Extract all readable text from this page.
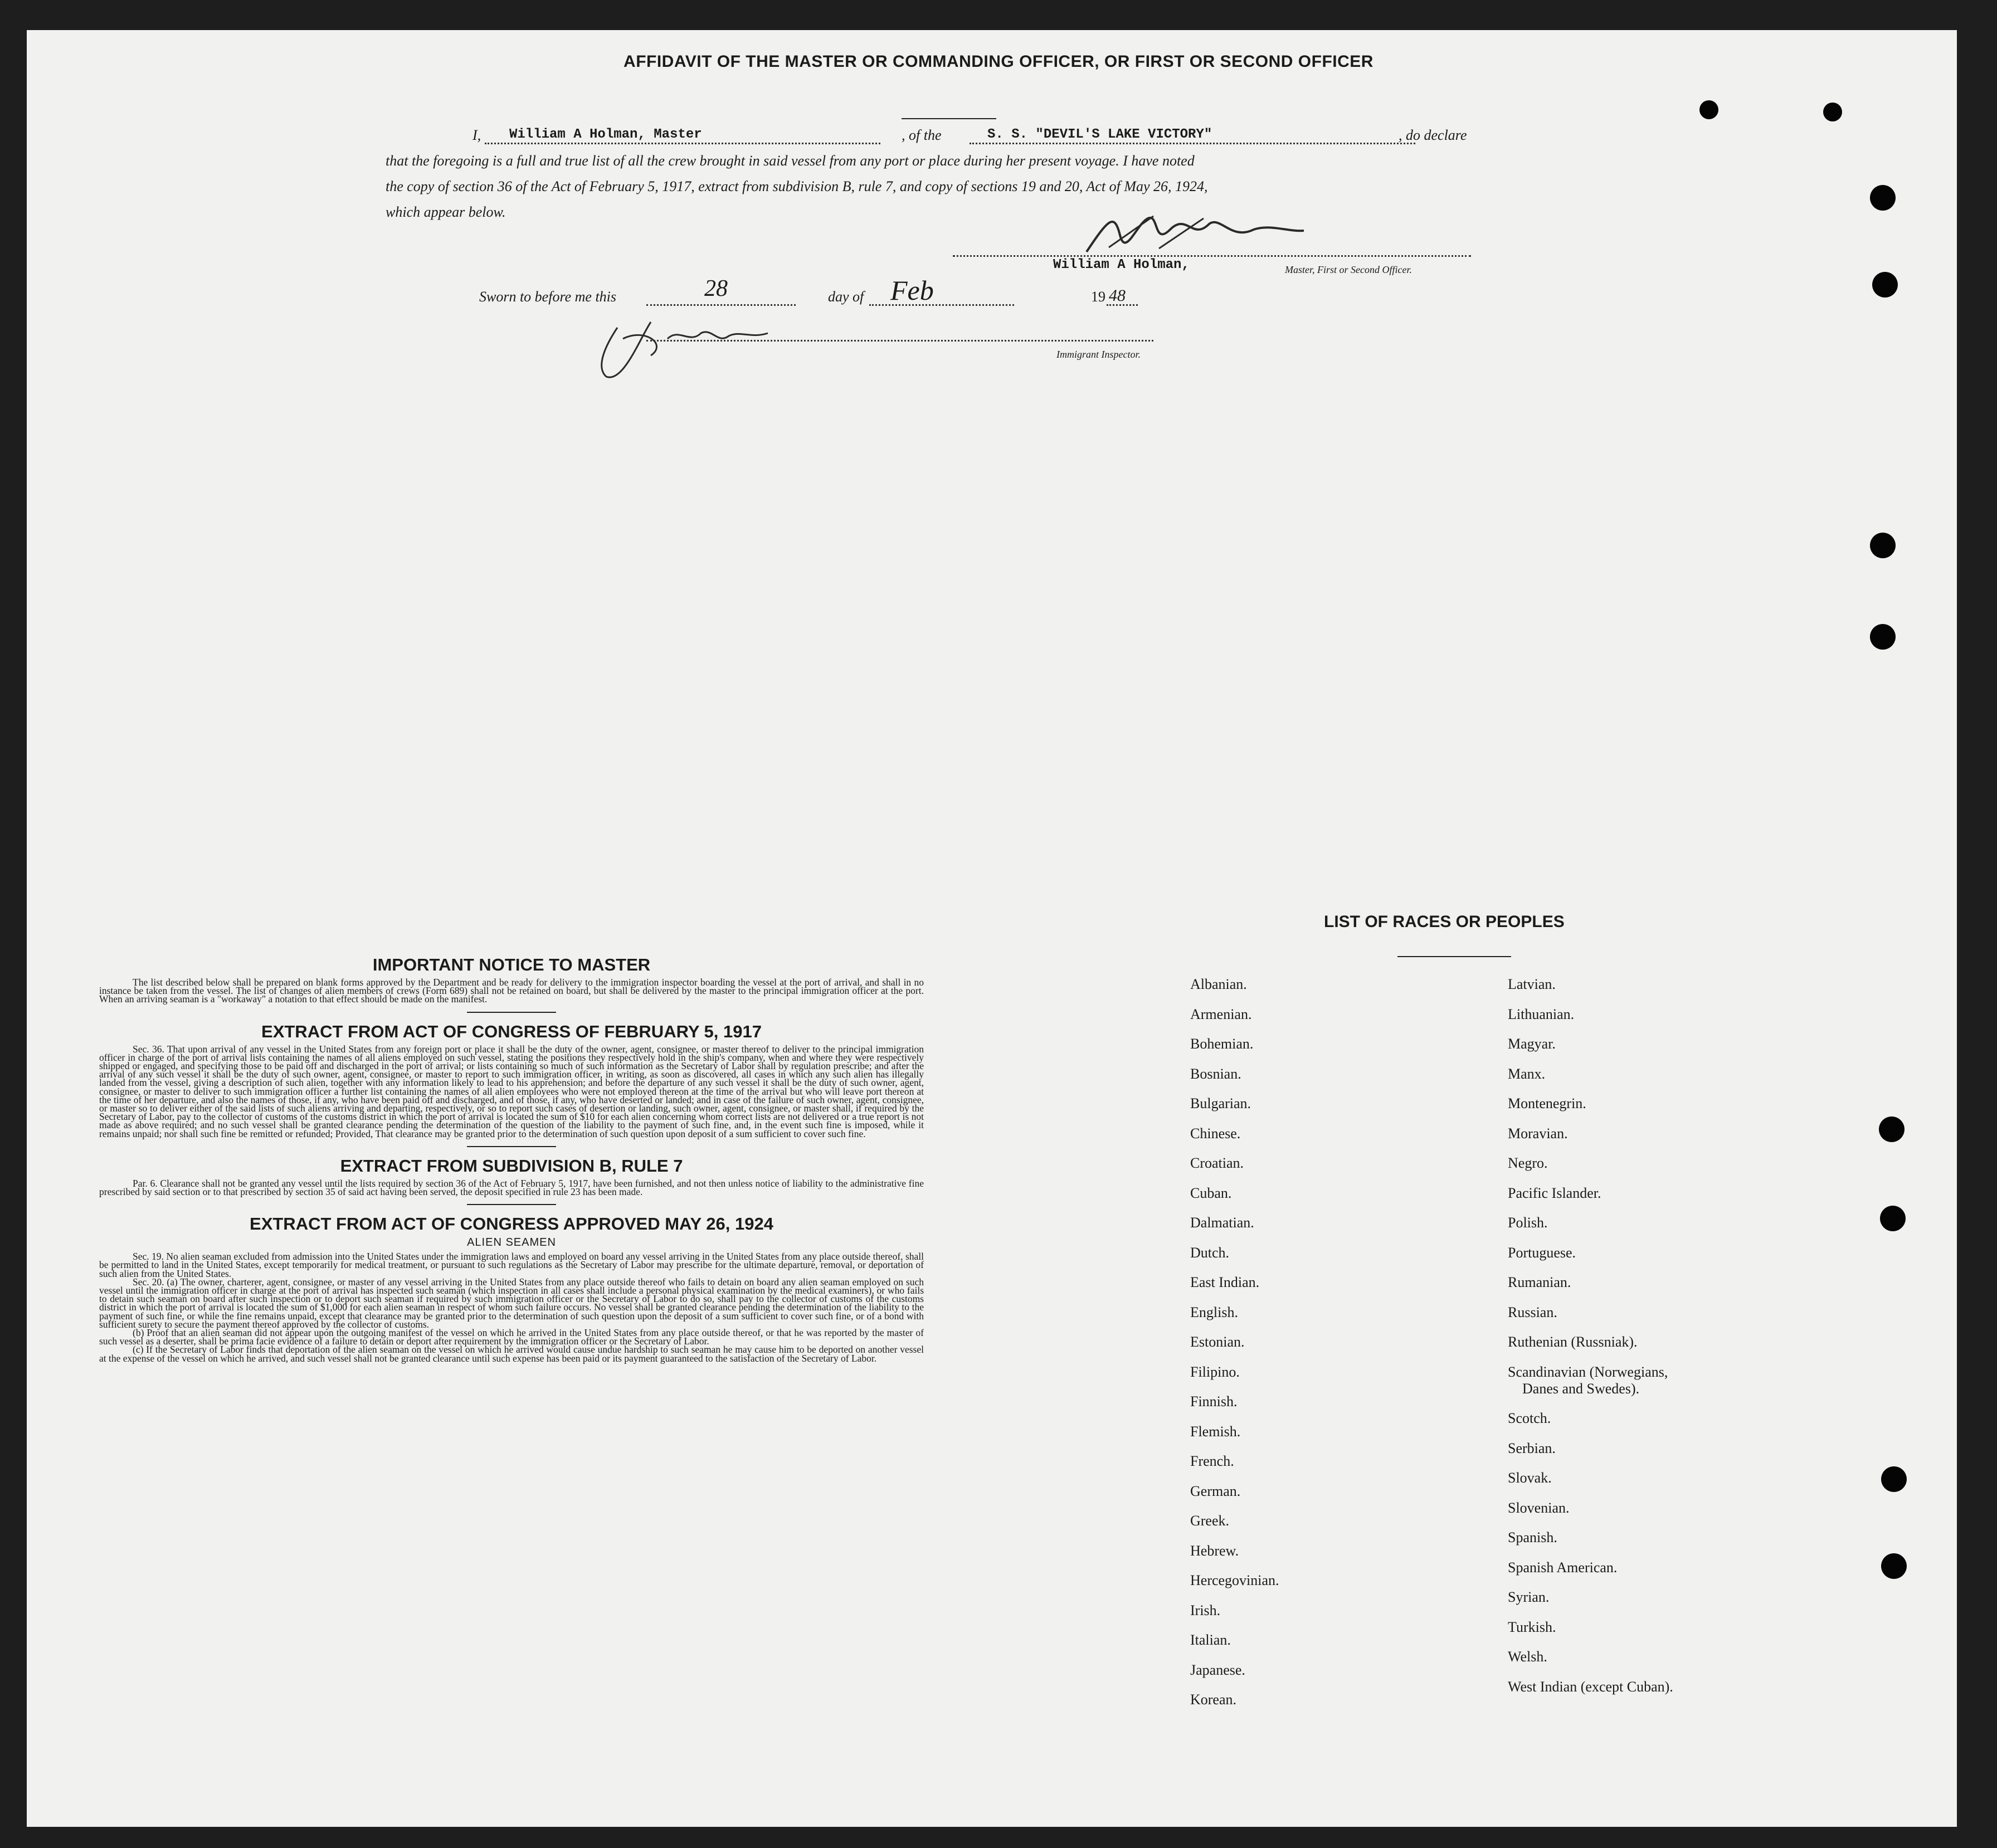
AFFIDAVIT OF THE MASTER OR COMMANDING OFFICER, OR FIRST OR SECOND OFFICER
I, William A Holman, Master	, of the	S. S. "DEVIL'S LAKE VICTORY"	, do declare
that the foregoing is a full and true list of all the crew brought in said vessel from any port or place during her present voyage. I have noted
the copy of section 36 of the Act of February 5, 1917, extract from subdivision B, rule 7, and copy of sections 19 and 20, Act of May 26, 1924,
which appear below.
William A Holman,	Master, First or Second Officer.
Sworn to before me this	28	day of Feb	19 48
Immigrant Inspector.
IMPORTANT NOTICE TO MASTER

The list described below shall be prepared on blank forms approved by the Department and be ready for delivery to the immigration inspector boarding the vessel at the port of arrival, and shall in no instance be taken from the vessel. The list of changes of alien members of crews (Form 689) shall not be retained on board, but shall be delivered by the master to the principal immigration officer at the port. When an arriving seaman is a "workaway" a notation to that effect should be made on the manifest.

EXTRACT FROM ACT OF CONGRESS OF FEBRUARY 5, 1917

Sec. 36. That upon arrival of any vessel in the United States from any foreign port or place it shall be the duty of the owner, agent, consignee, or master thereof to deliver to the principal immigration officer in charge of the port of arrival lists containing the names of all aliens employed on such vessel, stating the positions they respectively hold in the ship's company, when and where they were respectively shipped or engaged, and specifying those to be paid off and discharged in the port of arrival; or lists containing so much of such information as the Secretary of Labor shall by regulation prescribe; and after the arrival of any such vessel it shall be the duty of such owner, agent, consignee, or master to report to such immigration officer, in writing, as soon as discovered, all cases in which any such alien has illegally landed from the vessel, giving a description of such alien, together with any information likely to lead to his apprehension; and before the departure of any such vessel it shall be the duty of such owner, agent, consignee, or master to deliver to such immigration officer a further list containing the names of all alien employees who were not employed thereon at the time of the arrival but who will leave port thereon at the time of her departure, and also the names of those, if any, who have been paid off and discharged, and of those, if any, who have deserted or landed; and in case of the failure of such owner, agent, consignee, or master so to deliver either of the said lists of such aliens arriving and departing, respectively, or so to report such cases of desertion or landing, such owner, agent, consignee, or master shall, if required by the Secretary of Labor, pay to the collector of customs of the customs district in which the port of arrival is located the sum of $10 for each alien concerning whom correct lists are not delivered or a true report is not made as above required; and no such vessel shall be granted clearance pending the determination of the question of the liability to the payment of such fine, and, in the event such fine is imposed, while it remains unpaid; nor shall such fine be remitted or refunded; Provided, That clearance may be granted prior to the determination of such question upon deposit of a sum sufficient to cover such fine.

EXTRACT FROM SUBDIVISION B, RULE 7

Par. 6. Clearance shall not be granted any vessel until the lists required by section 36 of the Act of February 5, 1917, have been furnished, and not then unless notice of liability to the administrative fine prescribed by said section or to that prescribed by section 35 of said act having been served, the deposit specified in rule 23 has been made.

EXTRACT FROM ACT OF CONGRESS APPROVED MAY 26, 1924
ALIEN SEAMEN

Sec. 19. No alien seaman excluded from admission into the United States under the immigration laws and employed on board any vessel arriving in the United States from any place outside thereof, shall be permitted to land in the United States, except temporarily for medical treatment, or pursuant to such regulations as the Secretary of Labor may prescribe for the ultimate departure, removal, or deportation of such alien from the United States.

Sec. 20. (a) The owner, charterer, agent, consignee, or master of any vessel arriving in the United States from any place outside thereof who fails to detain on board any alien seaman employed on such vessel until the immigration officer in charge at the port of arrival has inspected such seaman (which inspection in all cases shall include a personal physical examination by the medical examiners), or who fails to detain such seaman on board after such inspection or to deport such seaman if required by such immigration officer or the Secretary of Labor to do so, shall pay to the collector of customs of the customs district in which the port of arrival is located the sum of $1,000 for each alien seaman in respect of whom such failure occurs. No vessel shall be granted clearance pending the determination of the liability to the payment of such fine, or while the fine remains unpaid, except that clearance may be granted prior to the determination of such question upon the deposit of a sum sufficient to cover such fine, or of a bond with sufficient surety to secure the payment thereof approved by the collector of customs.

(b) Proof that an alien seaman did not appear upon the outgoing manifest of the vessel on which he arrived in the United States from any place outside thereof, or that he was reported by the master of such vessel as a deserter, shall be prima facie evidence of a failure to detain or deport after requirement by the immigration officer or the Secretary of Labor.

(c) If the Secretary of Labor finds that deportation of the alien seaman on the vessel on which he arrived would cause undue hardship to such seaman he may cause him to be deported on another vessel at the expense of the vessel on which he arrived, and such vessel shall not be granted clearance until such expense has been paid or its payment guaranteed to the satisfaction of the Secretary of Labor.

LIST OF RACES OR PEOPLES
Albanian.
Armenian.
Bohemian.
Bosnian.
Bulgarian.
Chinese.
Croatian.
Cuban.
Dalmatian.
Dutch.
East Indian.
English.
Estonian.
Filipino.
Finnish.
Flemish.
French.
German.
Greek.
Hebrew.
Hercegovinian.
Irish.
Italian.
Japanese.
Korean.
Latvian.
Lithuanian.
Magyar.
Manx.
Montenegrin.
Moravian.
Negro.
Pacific Islander.
Polish.
Portuguese.
Rumanian.
Russian.
Ruthenian (Russniak).
Scandinavian (Norwegians,
Danes and Swedes).
Scotch.
Serbian.
Slovak.
Slovenian.
Spanish.
Spanish American.
Syrian.
Turkish.
Welsh.
West Indian (except Cuban).
